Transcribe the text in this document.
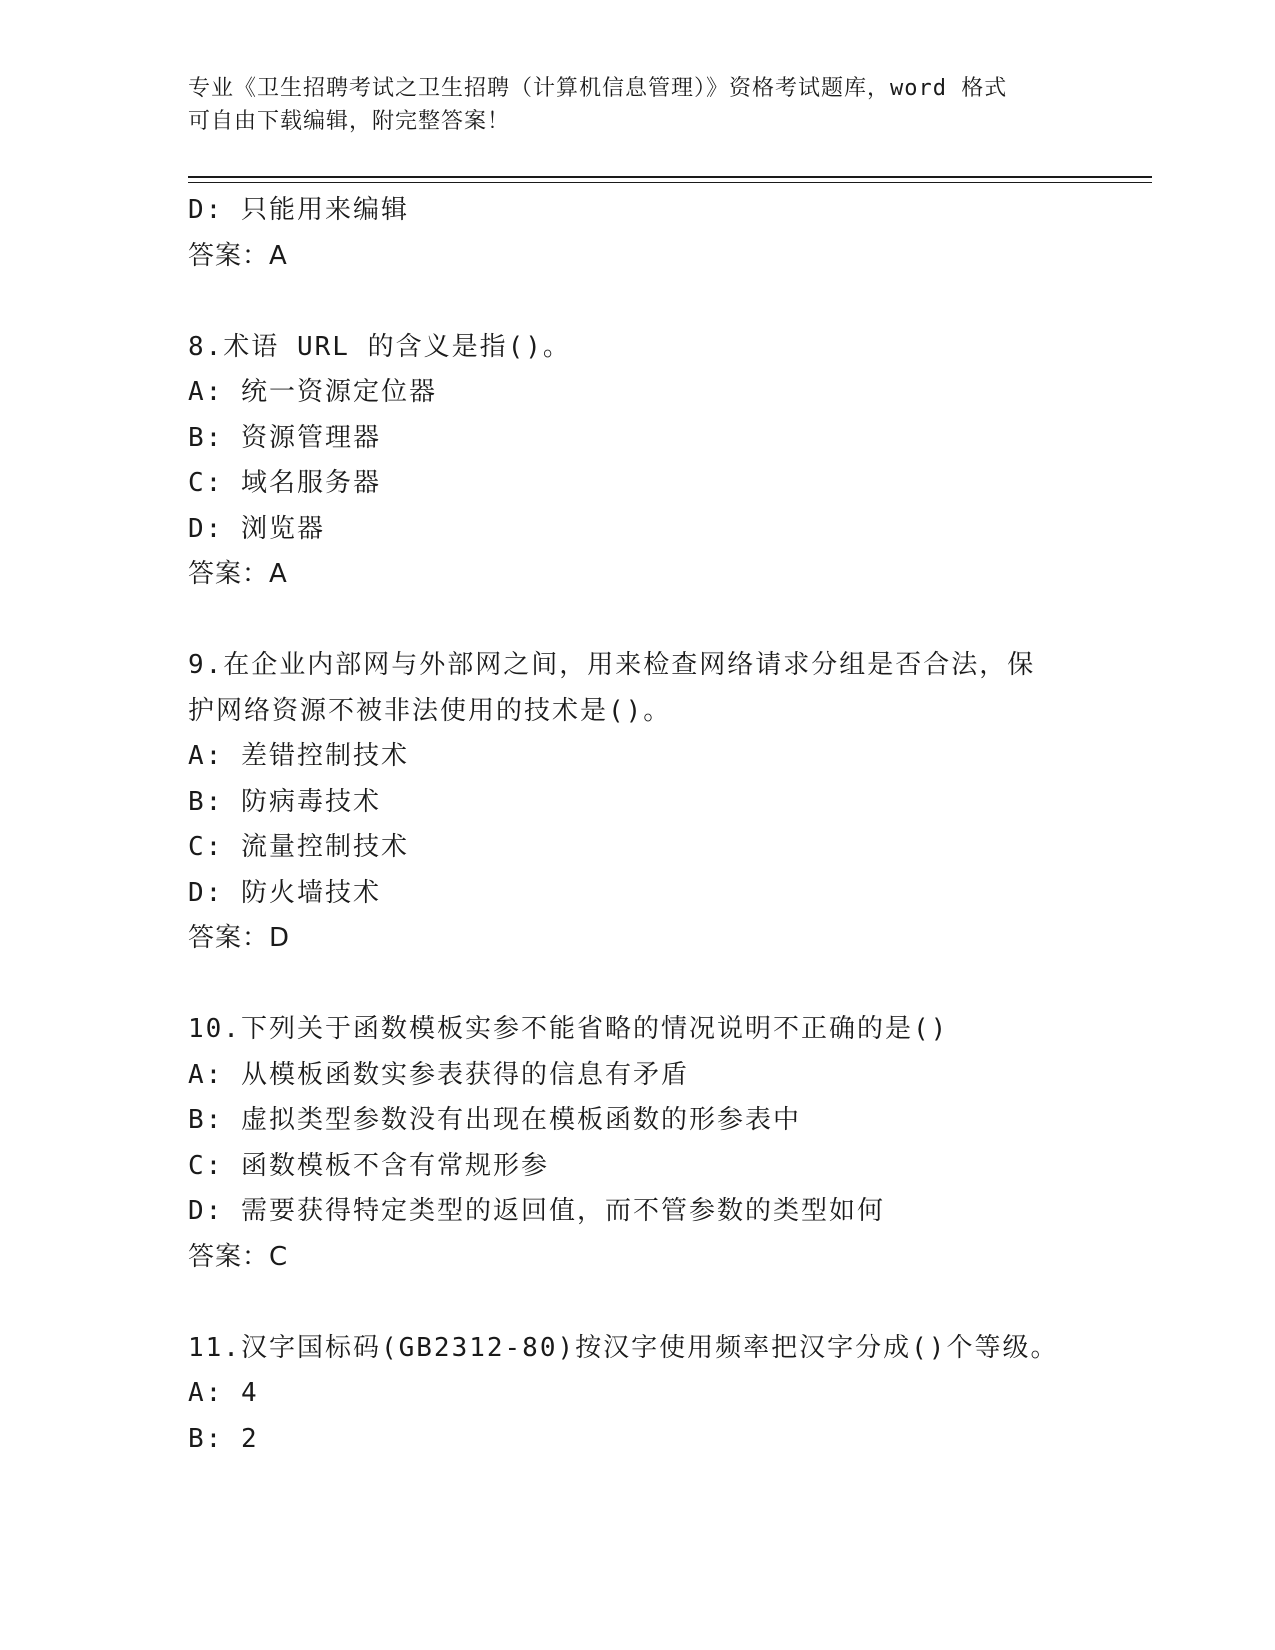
专业《卫生招聘考试之卫生招聘（计算机信息管理）》资格考试题库，word 格式
可自由下载编辑，附完整答案！
D: 只能用来编辑
答案：A
8.术语 URL 的含义是指()。
A: 统一资源定位器
B: 资源管理器
C: 域名服务器
D: 浏览器
答案：A
9.在企业内部网与外部网之间，用来检查网络请求分组是否合法，保
护网络资源不被非法使用的技术是()。
A: 差错控制技术
B: 防病毒技术
C: 流量控制技术
D: 防火墙技术
答案：D
10.下列关于函数模板实参不能省略的情况说明不正确的是()
A: 从模板函数实参表获得的信息有矛盾
B: 虚拟类型参数没有出现在模板函数的形参表中
C: 函数模板不含有常规形参
D: 需要获得特定类型的返回值，而不管参数的类型如何
答案：C
11.汉字国标码(GB2312-80)按汉字使用频率把汉字分成()个等级。
A: 4
B: 2
